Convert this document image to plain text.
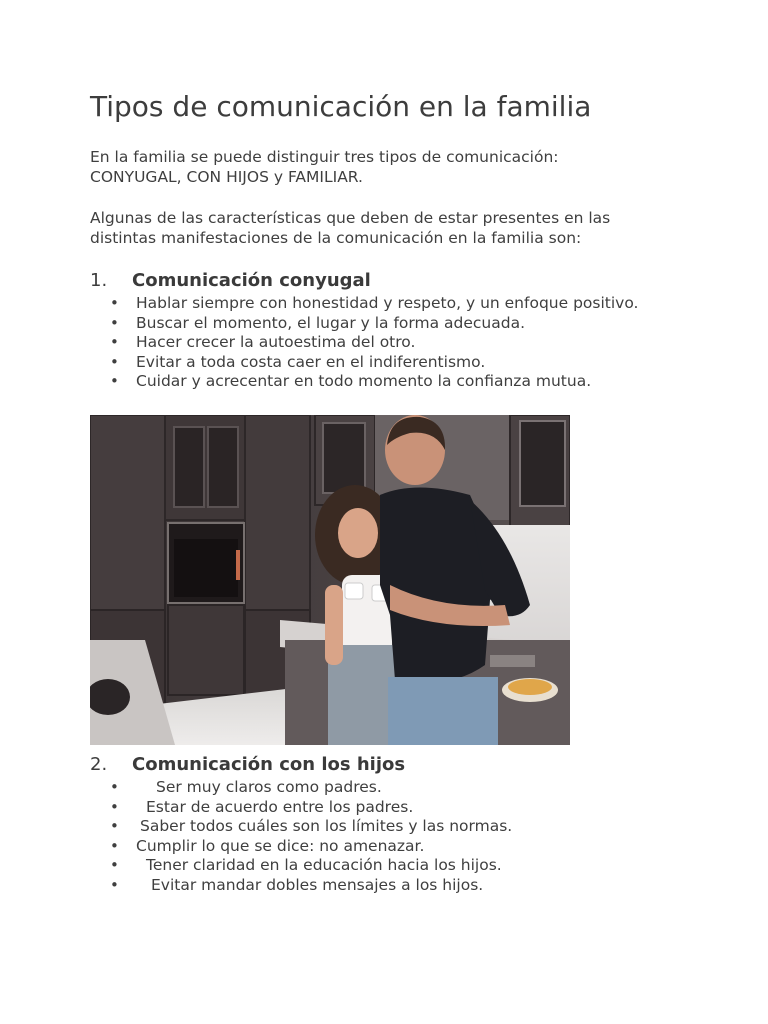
Tipos de comunicación en la familia

En la familia se puede distinguir tres tipos de comunicación:
CONYUGAL, CON HIJOS y FAMILIAR.

Algunas de las características que deben de estar presentes en las
distintas manifestaciones de la comunicación en la familia son:

1.	Comunicación conyugal
• Hablar siempre con honestidad y respeto, y un enfoque positivo.
• Buscar el momento, el lugar y la forma adecuada.
• Hacer crecer la autoestima del otro.
• Evitar a toda costa caer en el indiferentismo.
• Cuidar y acrecentar en todo momento la confianza mutua.
2.	Comunicación con los hijos
• Ser muy claros como padres.
• Estar de acuerdo entre los padres.
• Saber todos cuáles son los límites y las normas.
• Cumplir lo que se dice: no amenazar.
• Tener claridad en la educación hacia los hijos.
• Evitar mandar dobles mensajes a los hijos.
